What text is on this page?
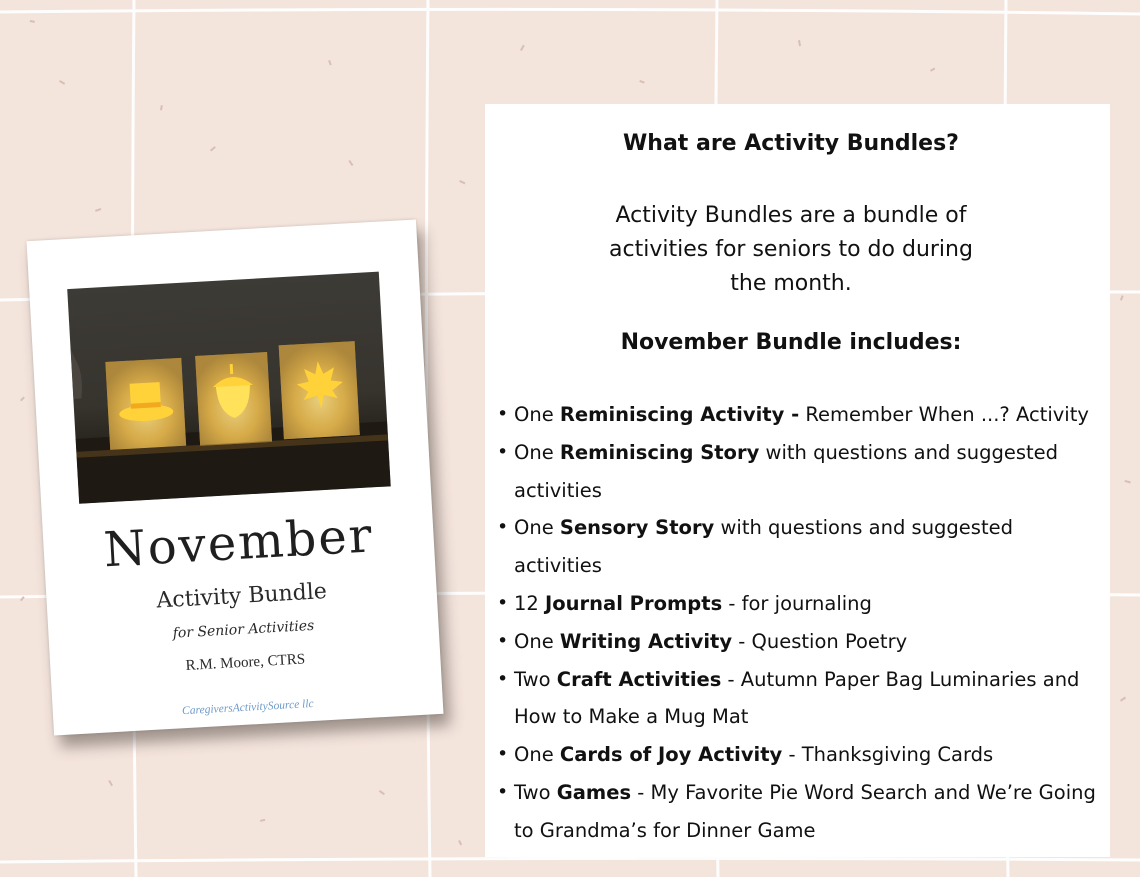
November
Activity Bundle
for Senior Activities
R.M. Moore, CTRS
CaregiversActivitySource llc
What are Activity Bundles?
Activity Bundles are a bundle of activities for seniors to do during the month.
November Bundle includes:
• One Reminiscing Activity - Remember When ...? Activity
• One Reminiscing Story with questions and suggested activities
• One Sensory Story with questions and suggested activities
• 12 Journal Prompts - for journaling
• One Writing Activity - Question Poetry
• Two Craft Activities - Autumn Paper Bag Luminaries and How to Make a Mug Mat
• One Cards of Joy Activity - Thanksgiving Cards
• Two Games - My Favorite Pie Word Search and We’re Going to Grandma’s for Dinner Game
